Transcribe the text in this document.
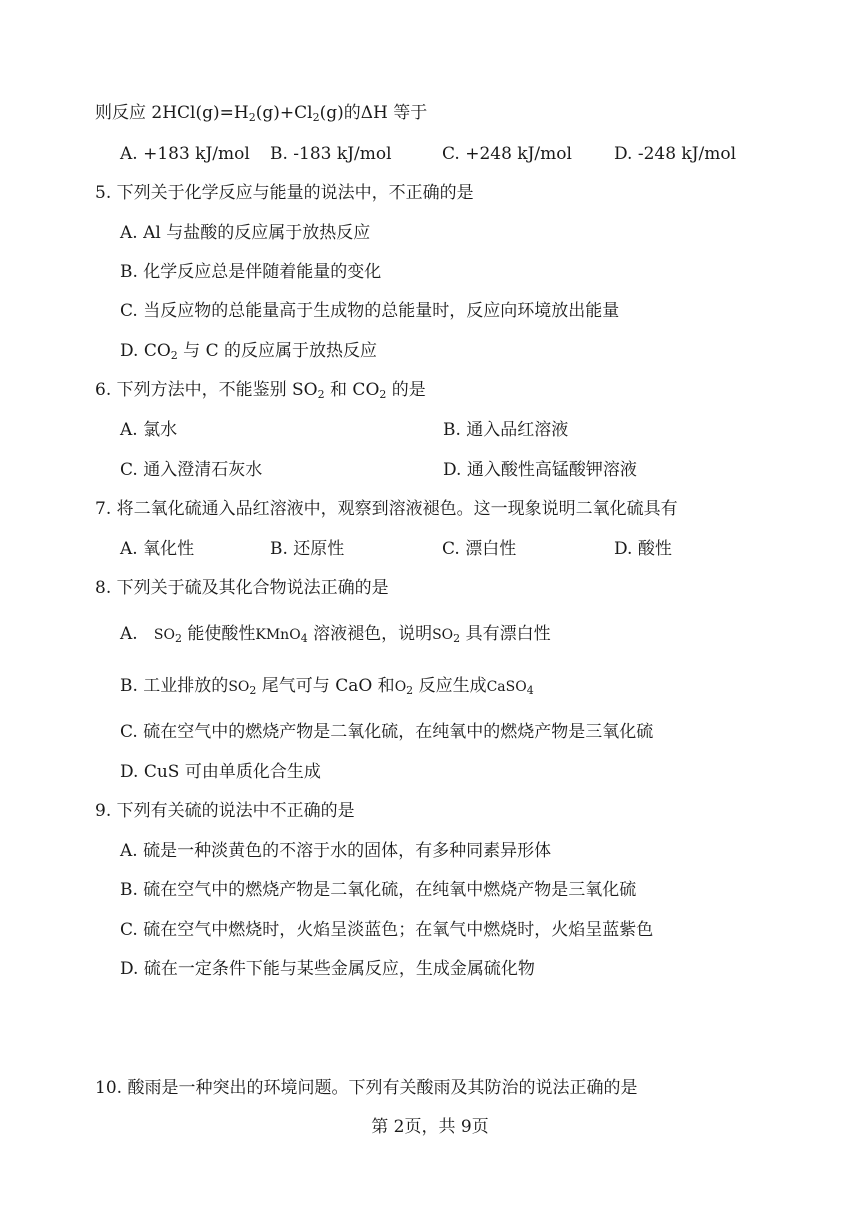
则反应 $2HCl(g)=H_2(g)+Cl_2(g)$的ΔH 等于
A. +183 kJ/mol B. -183 kJ/mol	C. +248 kJ/mol D. -248 kJ/mol
5. 下列关于化学反应与能量的说法中，不正确的是
A. Al 与盐酸的反应属于放热反应
B. 化学反应总是伴随着能量的变化
C. 当反应物的总能量高于生成物的总能量时，反应向环境放出能量
D. $CO_2$ 与 C 的反应属于放热反应
6. 下列方法中，不能鉴别 $SO_2$ 和 $CO_2$ 的是
A. 氯水	B. 通入品红溶液
C. 通入澄清石灰水	D. 通入酸性高锰酸钾溶液
7. 将二氧化硫通入品红溶液中，观察到溶液褪色。这一现象说明二氧化硫具有
A. 氧化性	B. 还原性	C. 漂白性	D. 酸性
8. 下列关于硫及其化合物说法正确的是
A. $SO_2$ 能使酸性KMnO$_4$ 溶液褪色，说明$SO_2$ 具有漂白性
B. 工业排放的$SO_2$ 尾气可与 CaO 和$O_2$ 反应生成CaSO$_4$
C. 硫在空气中的燃烧产物是二氧化硫，在纯氧中的燃烧产物是三氧化硫
D. CuS 可由单质化合生成
9. 下列有关硫的说法中不正确的是
A. 硫是一种淡黄色的不溶于水的固体，有多种同素异形体
B. 硫在空气中的燃烧产物是二氧化硫，在纯氧中燃烧产物是三氧化硫
C. 硫在空气中燃烧时，火焰呈淡蓝色；在氧气中燃烧时，火焰呈蓝紫色
D. 硫在一定条件下能与某些金属反应，生成金属硫化物
10. 酸雨是一种突出的环境问题。下列有关酸雨及其防治的说法正确的是
第 2页，共 9页
